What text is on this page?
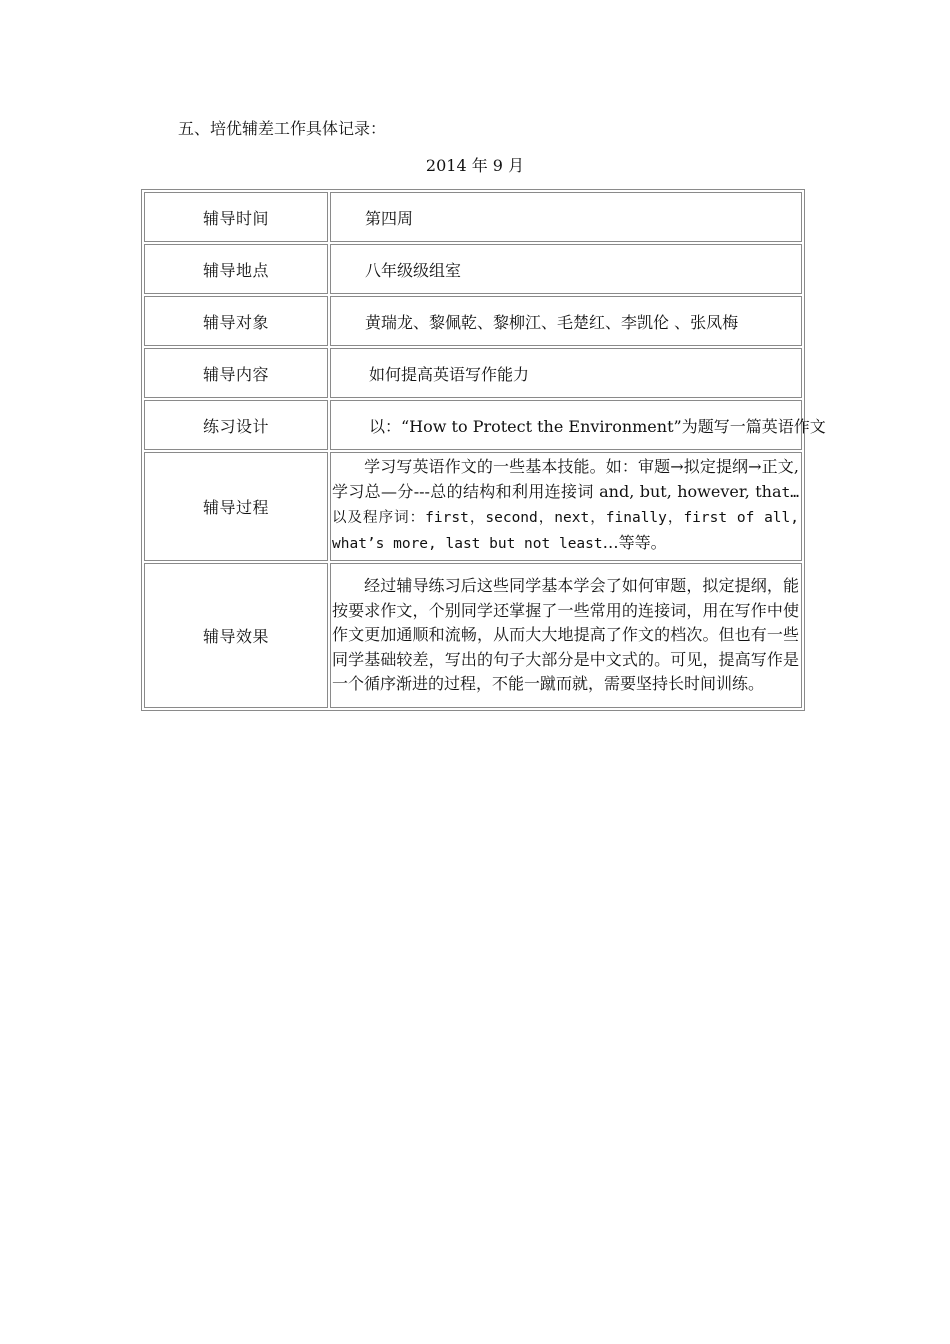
五、培优辅差工作具体记录：
2014 年 9 月
辅导时间	第四周
辅导地点	八年级级组室
辅导对象	黄瑞龙、黎佩乾、黎柳江、毛楚红、李凯伦 、张凤梅
辅导内容	如何提高英语写作能力
练习设计	以：“How to Protect the Environment”为题写一篇英语作文
辅导过程	学习写英语作文的一些基本技能。如：审题→拟定提纲→正文,学习总—分---总的结构和利用连接词 and, but, however, that…以及程序词：first，second，next，finally，first of all, what’s more, last but not least…等等。
辅导效果	经过辅导练习后这些同学基本学会了如何审题，拟定提纲，能按要求作文，个别同学还掌握了一些常用的连接词，用在写作中使作文更加通顺和流畅，从而大大地提高了作文的档次。但也有一些同学基础较差，写出的句子大部分是中文式的。可见，提高写作是一个循序渐进的过程，不能一蹴而就，需要坚持长时间训练。
